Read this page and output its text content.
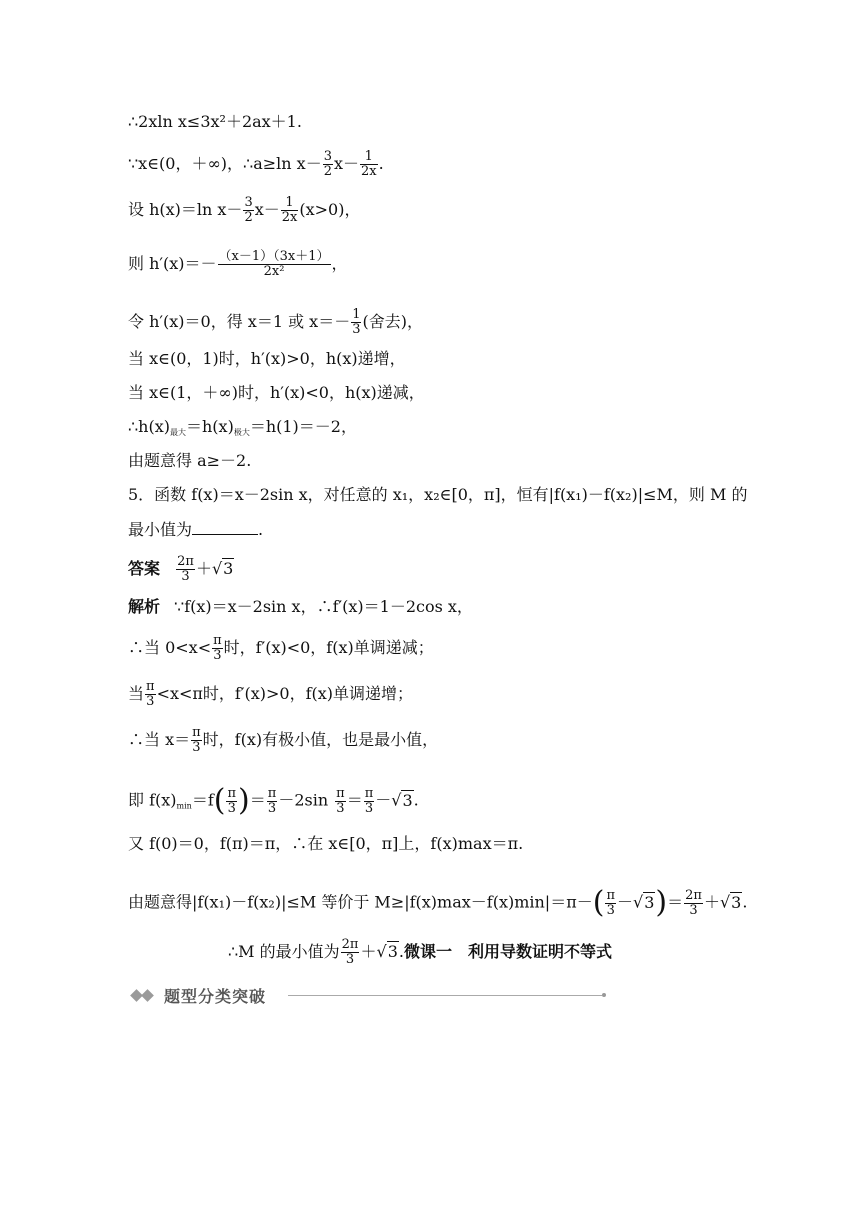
∴2xln x≤3x²＋2ax＋1.
∵x∈(0，＋∞)，∴a≥ln $x- \frac{3}{2} x- \frac{1}{2x}$ .
设 h(x)＝ln $x- \frac{3}{2} x- \frac{1}{2x} (x>0)$，
则 $h'(x)=- \frac{(x-1)(3x+1)}{\text{2x²}}$ ，
令 h′(x)＝0，得 x＝1 或 $x=- \frac{1}{3}$ (舍去)，
当 x∈(0，1)时，h′(x)>0，h(x)递增，
当 x∈(1，＋∞)时，h′(x)<0，h(x)递减，
∴h(x)最大＝h(x)极大＝h(1)＝－2，
由题意得 a≥－2.
5．函数 f(x)＝x－2sin x，对任意的 x₁，x₂∈[0，π]，恒有|f(x₁)－f(x₂)|≤M，则 M 的
最小值为	.
答案 $\frac{2\pi}{3} +√3$
解析 ∵f(x)＝x－2sin x，∴f′(x)＝1－2cos x，
∴当 $0<x< \frac{\pi}{3}$ 时，f′(x)<0，f(x)单调递减；
当 $\frac{\pi}{3} <x<\pi$时，f′(x)>0，f(x)单调递增；
∴当 $x= \frac{\pi}{3}$ 时，f(x)有极小值，也是最小值，
即 $f(x)\min=f( \frac{\pi}{3}$ )＝ $\frac{\pi}{3} -2\sin \frac{\pi}{3} = \frac{\pi}{3} -√3$.
又 f(0)＝0，f(π)＝π，∴在 x∈[0，π]上，f(x)max＝π.
由题意得|f(x₁)－f(x₂)|≤M 等价于 $M\ge|f(x)\max-f(x)\min|=\pi-( \frac{\pi}{3} -√3)= \frac{2\pi}{3} +√3$.
∴M 的最小值为 $\frac{2\pi}{3} +√3$.微课一　利用导数证明不等式
题型分类突破
